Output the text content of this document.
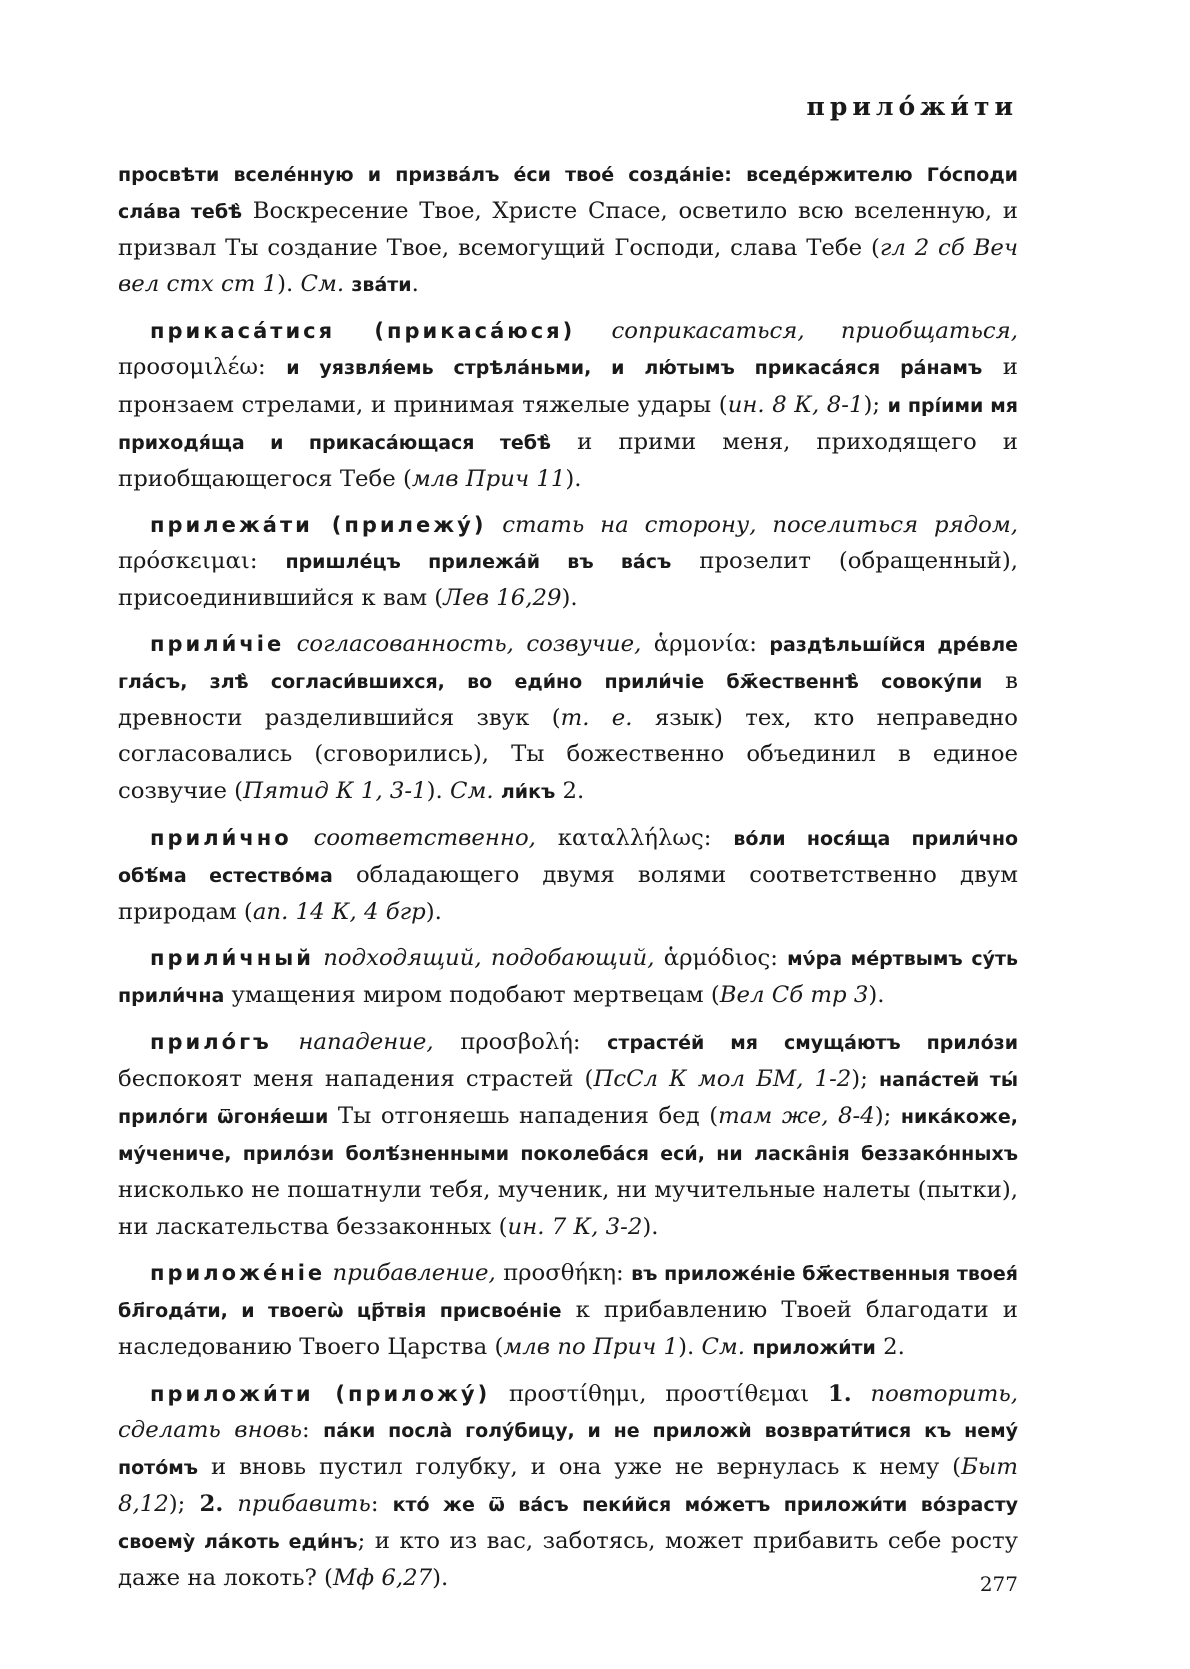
прило́жи́ти

просвѣти вселе́нную и призва́лъ е́си твое́ созда́ніе: вседе́ржителю Го́споди сла́ва тебѣ̀ Воскресение Твое, Христе Спасе, осветило всю вселенную, и призвал Ты создание Твое, всемогущий Господи, слава Тебе (гл 2 сб Веч вел стх ст 1). См. зва́ти.

прикаса́тися (прикаса́юся) соприкасаться, приобщаться, προσομιλέω: и уязвля́емь стрѣла́ньми, и лю́тымъ прикаса́яся ра́намъ и пронзаем стрелами, и принимая тяжелые удары (ин. 8 К, 8-1); и прі́ими мя приходя́ща и прикаса́ющася тебѣ̀ и прими меня, приходящего и приобщающегося Тебе (млв Прич 11).

прилежа́ти (прилежу́) стать на сторону, поселиться рядом, πρόσκειμαι: пришле́цъ прилежа́й въ ва́съ прозелит (обращенный), присоединившийся к вам (Лев 16,29).

прили́чіе согласованность, созвучие, ἁρμονία: раздѣльші́йся дре́вле гла́съ, злѣ̀ согласи́вшихся, во еди́но прили́чіе бж҃ественнѣ̀ совоку́пи в древности разделившийся звук (т. е. язык) тех, кто неправедно согласовались (сговорились), Ты божественно объединил в единое созвучие (Пятид К 1, 3-1). См. ли́къ 2.

прили́чно соответственно, καταλλήλως: во́ли нося́ща прили́чно обѣ́ма естество́ма обладающего двумя волями соответственно двум природам (ап. 14 К, 4 бгр).

прили́чный подходящий, подобающий, ἁρμόδιος: мν́ра ме́ртвымъ су́ть прили́чна умащения миром подобают мертвецам (Вел Сб тр 3).

прило́гъ нападение, προσβολή: страсте́й мя смуща́ютъ прило́зи беспокоят меня нападения страстей (ПсСл К мол БМ, 1-2); напа́стей ты́ прило́ги ѿгоня́еши Ты отгоняешь нападения бед (там же, 8-4); ника́коже, му́чениче, прило́зи болѣ́зненными поколеба́ся еси́, ни ласка̑нія беззако́нныхъ нисколько не пошатнули тебя, мученик, ни мучительные налеты (пытки), ни ласкательства беззаконных (ин. 7 К, 3-2).

приложе́ніе прибавление, προσθήκη: въ приложе́ніе бж҃ественныя твоея́ бл҃года́ти, и твоегѡ̀ цр҃твія присвое́ніе к прибавлению Твоей благодати и наследованию Твоего Царства (млв по Прич 1). См. приложи́ти 2.

приложи́ти (приложу́) προστίθημι, προστίθεμαι 1. повторить, сделать вновь: па́ки посла̀ голу́бицу, и не приложѝ возврати́тися къ нему́ пото́мъ и вновь пустил голубку, и она уже не вернулась к нему (Быт 8,12); 2. прибавить: кто́ же ѿ ва́съ пеки́йся мо́жетъ приложи́ти во́зрасту своему̀ ла́коть еди́нъ; и кто из вас, заботясь, может прибавить себе росту даже на локоть? (Мф 6,27).	277
